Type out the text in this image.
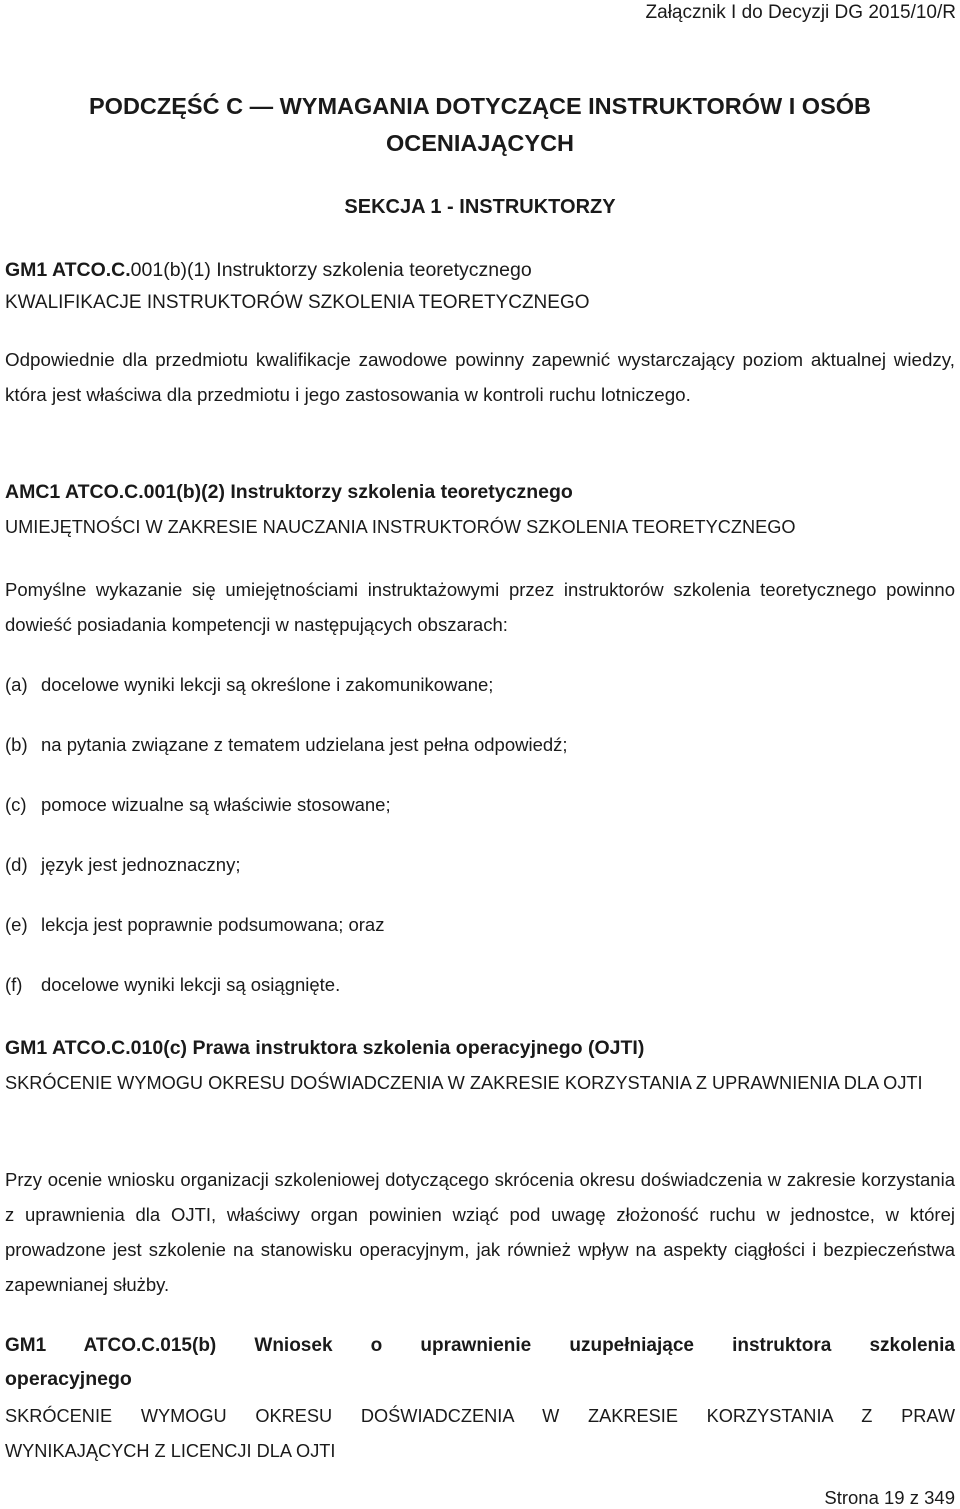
Załącznik I do Decyzji DG 2015/10/R
PODCZĘŚĆ C — WYMAGANIA DOTYCZĄCE INSTRUKTORÓW I OSÓB
OCENIAJĄCYCH
SEKCJA 1 - INSTRUKTORZY
GM1 ATCO.C.001(b)(1) Instruktorzy szkolenia teoretycznego
KWALIFIKACJE INSTRUKTORÓW SZKOLENIA TEORETYCZNEGO

Odpowiednie dla przedmiotu kwalifikacje zawodowe powinny zapewnić wystarczający poziom aktualnej wiedzy, która jest właściwa dla przedmiotu i jego zastosowania w kontroli ruchu lotniczego.

AMC1 ATCO.C.001(b)(2) Instruktorzy szkolenia teoretycznego
UMIEJĘTNOŚCI W ZAKRESIE NAUCZANIA INSTRUKTORÓW SZKOLENIA TEORETYCZNEGO

Pomyślne wykazanie się umiejętnościami instruktażowymi przez instruktorów szkolenia teoretycznego powinno dowieść posiadania kompetencji w następujących obszarach:

(a) docelowe wyniki lekcji są określone i zakomunikowane;
(b) na pytania związane z tematem udzielana jest pełna odpowiedź;
(c) pomoce wizualne są właściwie stosowane;
(d) język jest jednoznaczny;
(e) lekcja jest poprawnie podsumowana; oraz
(f) docelowe wyniki lekcji są osiągnięte.
GM1 ATCO.C.010(c) Prawa instruktora szkolenia operacyjnego (OJTI)

SKRÓCENIE WYMOGU OKRESU DOŚWIADCZENIA W ZAKRESIE KORZYSTANIA Z UPRAWNIENIA DLA OJTI

Przy ocenie wniosku organizacji szkoleniowej dotyczącego skrócenia okresu doświadczenia w zakresie korzystania z uprawnienia dla OJTI, właściwy organ powinien wziąć pod uwagę złożoność ruchu w jednostce, w której prowadzone jest szkolenie na stanowisku operacyjnym, jak również wpływ na aspekty ciągłości i bezpieczeństwa zapewnianej służby.

GM1 ATCO.C.015(b) Wniosek o uprawnienie uzupełniające instruktora szkolenia
operacyjnego
SKRÓCENIE WYMOGU OKRESU DOŚWIADCZENIA W ZAKRESIE KORZYSTANIA Z PRAW
WYNIKAJĄCYCH Z LICENCJI DLA OJTI
Strona 19 z 349
